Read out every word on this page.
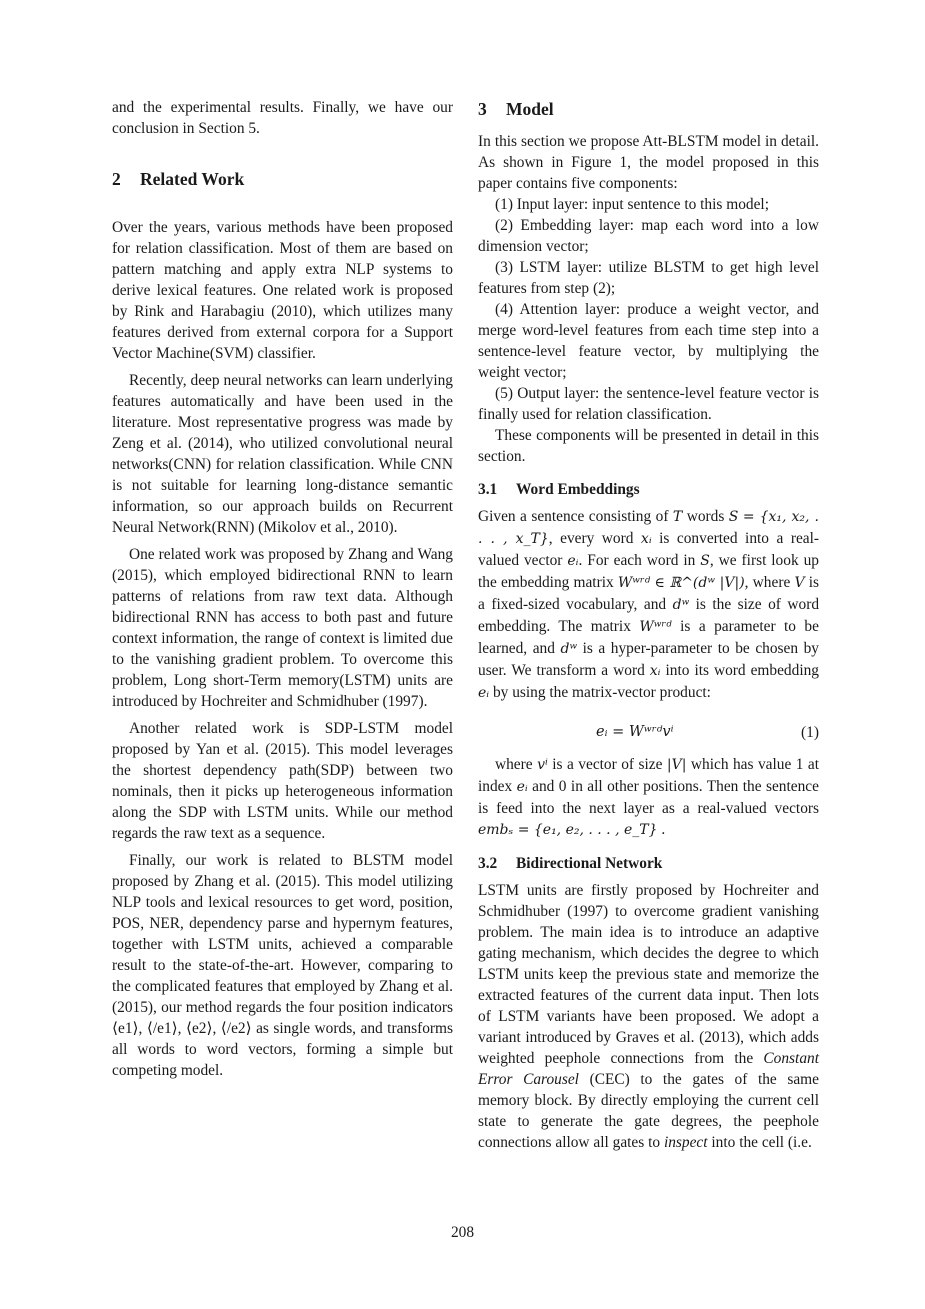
and the experimental results. Finally, we have our conclusion in Section 5.

2 Related Work

Over the years, various methods have been proposed for relation classification. Most of them are based on pattern matching and apply extra NLP systems to derive lexical features. One related work is proposed by Rink and Harabagiu (2010), which utilizes many features derived from external corpora for a Support Vector Machine(SVM) classifier.

Recently, deep neural networks can learn underlying features automatically and have been used in the literature. Most representative progress was made by Zeng et al. (2014), who utilized convolutional neural networks(CNN) for relation classification. While CNN is not suitable for learning long-distance semantic information, so our approach builds on Recurrent Neural Network(RNN) (Mikolov et al., 2010).

One related work was proposed by Zhang and Wang (2015), which employed bidirectional RNN to learn patterns of relations from raw text data. Although bidirectional RNN has access to both past and future context information, the range of context is limited due to the vanishing gradient problem. To overcome this problem, Long short-Term memory(LSTM) units are introduced by Hochreiter and Schmidhuber (1997).

Another related work is SDP-LSTM model proposed by Yan et al. (2015). This model leverages the shortest dependency path(SDP) between two nominals, then it picks up heterogeneous information along the SDP with LSTM units. While our method regards the raw text as a sequence.

Finally, our work is related to BLSTM model proposed by Zhang et al. (2015). This model utilizing NLP tools and lexical resources to get word, position, POS, NER, dependency parse and hypernym features, together with LSTM units, achieved a comparable result to the state-of-the-art. However, comparing to the complicated features that employed by Zhang et al. (2015), our method regards the four position indicators ⟨e1⟩, ⟨/e1⟩, ⟨e2⟩, ⟨/e2⟩ as single words, and transforms all words to word vectors, forming a simple but competing model.

3 Model

In this section we propose Att-BLSTM model in detail. As shown in Figure 1, the model proposed in this paper contains five components:

(1) Input layer: input sentence to this model;

(2) Embedding layer: map each word into a low dimension vector;

(3) LSTM layer: utilize BLSTM to get high level features from step (2);

(4) Attention layer: produce a weight vector, and merge word-level features from each time step into a sentence-level feature vector, by multiplying the weight vector;

(5) Output layer: the sentence-level feature vector is finally used for relation classification.

These components will be presented in detail in this section.

3.1 Word Embeddings

Given a sentence consisting of T words S = {x₁, x₂, . . . , x_T}, every word xᵢ is converted into a real-valued vector eᵢ. For each word in S, we first look up the embedding matrix Wʷʳᵈ ∈ ℝ^(dʷ |V|), where V is a fixed-sized vocabulary, and dʷ is the size of word embedding. The matrix Wʷʳᵈ is a parameter to be learned, and dʷ is a hyper-parameter to be chosen by user. We transform a word xᵢ into its word embedding eᵢ by using the matrix-vector product:

eᵢ = Wʷʳᵈvⁱ	(1)

where vⁱ is a vector of size |V| which has value 1 at index eᵢ and 0 in all other positions. Then the sentence is feed into the next layer as a real-valued vectors embₛ = {e₁, e₂, . . . , e_T} .

3.2 Bidirectional Network

LSTM units are firstly proposed by Hochreiter and Schmidhuber (1997) to overcome gradient vanishing problem. The main idea is to introduce an adaptive gating mechanism, which decides the degree to which LSTM units keep the previous state and memorize the extracted features of the current data input. Then lots of LSTM variants have been proposed. We adopt a variant introduced by Graves et al. (2013), which adds weighted peephole connections from the Constant Error Carousel (CEC) to the gates of the same memory block. By directly employing the current cell state to generate the gate degrees, the peephole connections allow all gates to inspect into the cell (i.e.

208
